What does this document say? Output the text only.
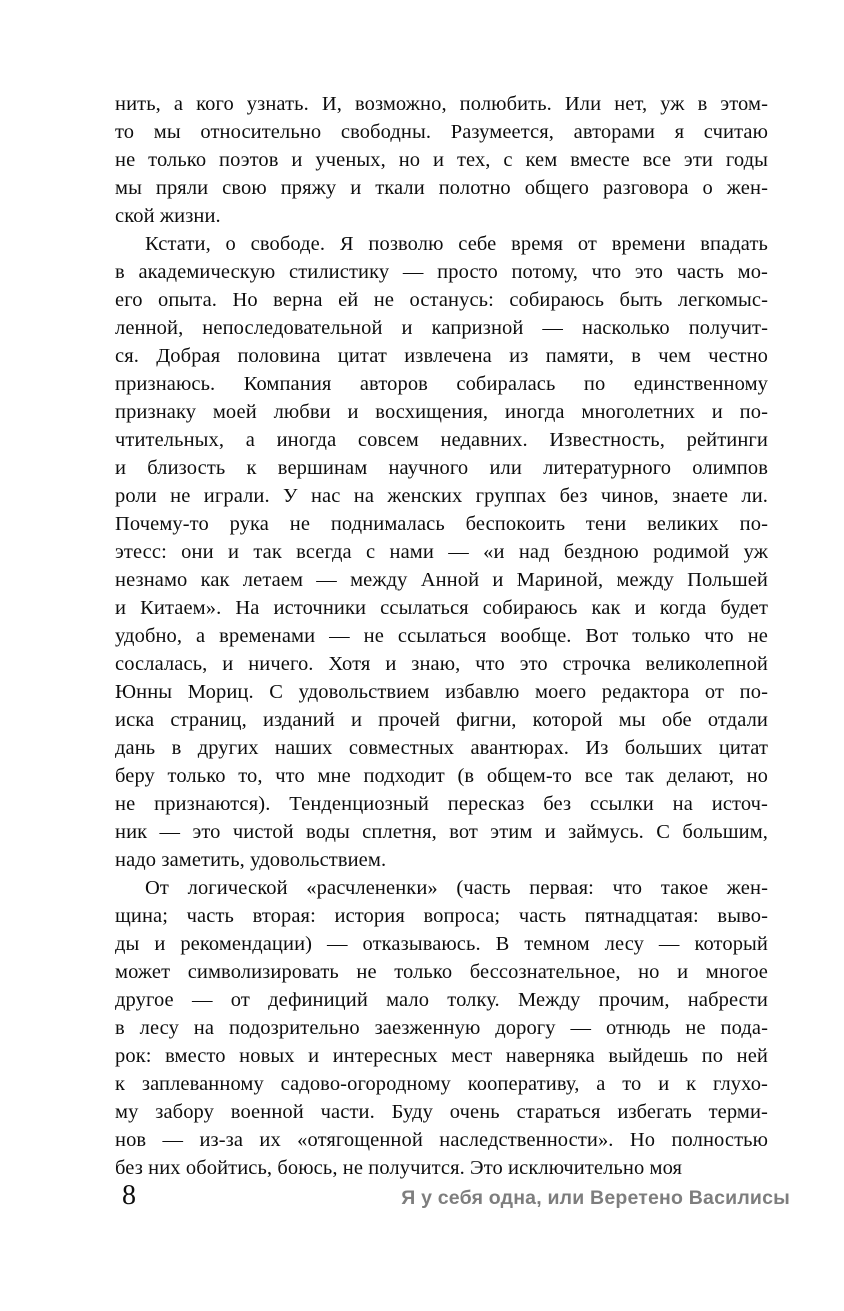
нить, а кого узнать. И, возможно, полюбить. Или нет, уж в этом-
то мы относительно свободны. Разумеется, авторами я считаю
не только поэтов и ученых, но и тех, с кем вместе все эти годы
мы пряли свою пряжу и ткали полотно общего разговора о жен-
ской жизни.
Кстати, о свободе. Я позволю себе время от времени впадать
в академическую стилистику — просто потому, что это часть мо-
его опыта. Но верна ей не останусь: собираюсь быть легкомыс-
ленной, непоследовательной и капризной — насколько получит-
ся. Добрая половина цитат извлечена из памяти, в чем честно
признаюсь. Компания авторов собиралась по единственному
признаку моей любви и восхищения, иногда многолетних и по-
чтительных, а иногда совсем недавних. Известность, рейтинги
и близость к вершинам научного или литературного олимпов
роли не играли. У нас на женских группах без чинов, знаете ли.
Почему-то рука не поднималась беспокоить тени великих по-
этесс: они и так всегда с нами — «и над бездною родимой уж
незнамо как летаем — между Анной и Мариной, между Польшей
и Китаем». На источники ссылаться собираюсь как и когда будет
удобно, а временами — не ссылаться вообще. Вот только что не
сослалась, и ничего. Хотя и знаю, что это строчка великолепной
Юнны Мориц. С удовольствием избавлю моего редактора от по-
иска страниц, изданий и прочей фигни, которой мы обе отдали
дань в других наших совместных авантюрах. Из больших цитат
беру только то, что мне подходит (в общем-то все так делают, но
не признаются). Тенденциозный пересказ без ссылки на источ-
ник — это чистой воды сплетня, вот этим и займусь. С большим,
надо заметить, удовольствием.
От логической «расчлененки» (часть первая: что такое жен-
щина; часть вторая: история вопроса; часть пятнадцатая: выво-
ды и рекомендации) — отказываюсь. В темном лесу — который
может символизировать не только бессознательное, но и многое
другое — от дефиниций мало толку. Между прочим, набрести
в лесу на подозрительно заезженную дорогу — отнюдь не пода-
рок: вместо новых и интересных мест наверняка выйдешь по ней
к заплеванному садово-огородному кооперативу, а то и к глухо-
му забору военной части. Буду очень стараться избегать терми-
нов — из-за их «отягощенной наследственности». Но полностью
без них обойтись, боюсь, не получится. Это исключительно моя
8	Я у себя одна, или Веретено Василисы
